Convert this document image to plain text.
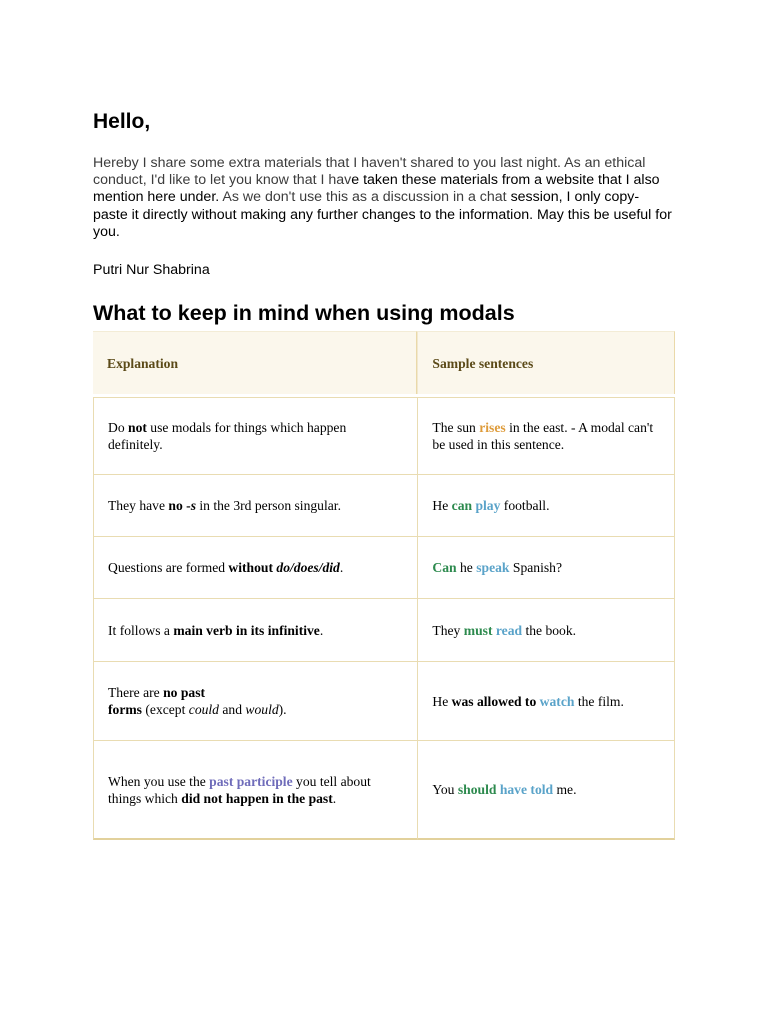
Hello,

Hereby I share some extra materials that I haven't shared to you last night. As an ethical conduct, I'd like to let you know that I have taken these materials from a website that I also mention here under. As we don't use this as a discussion in a chat session, I only copy-paste it directly without making any further changes to the information. May this be useful for you.

Putri Nur Shabrina

What to keep in mind when using modals
Explanation	Sample sentences

Do not use modals for things which happen definitely.	The sun rises in the east. - A modal can't be used in this sentence.
They have no -s in the 3rd person singular.	He can play football.
Questions are formed without do/does/did.	Can he speak Spanish?
It follows a main verb in its infinitive.	They must read the book.
There are no past
forms (except could and would).	He was allowed to watch the film.
When you use the past participle you tell about things which did not happen in the past.	You should have told me.
